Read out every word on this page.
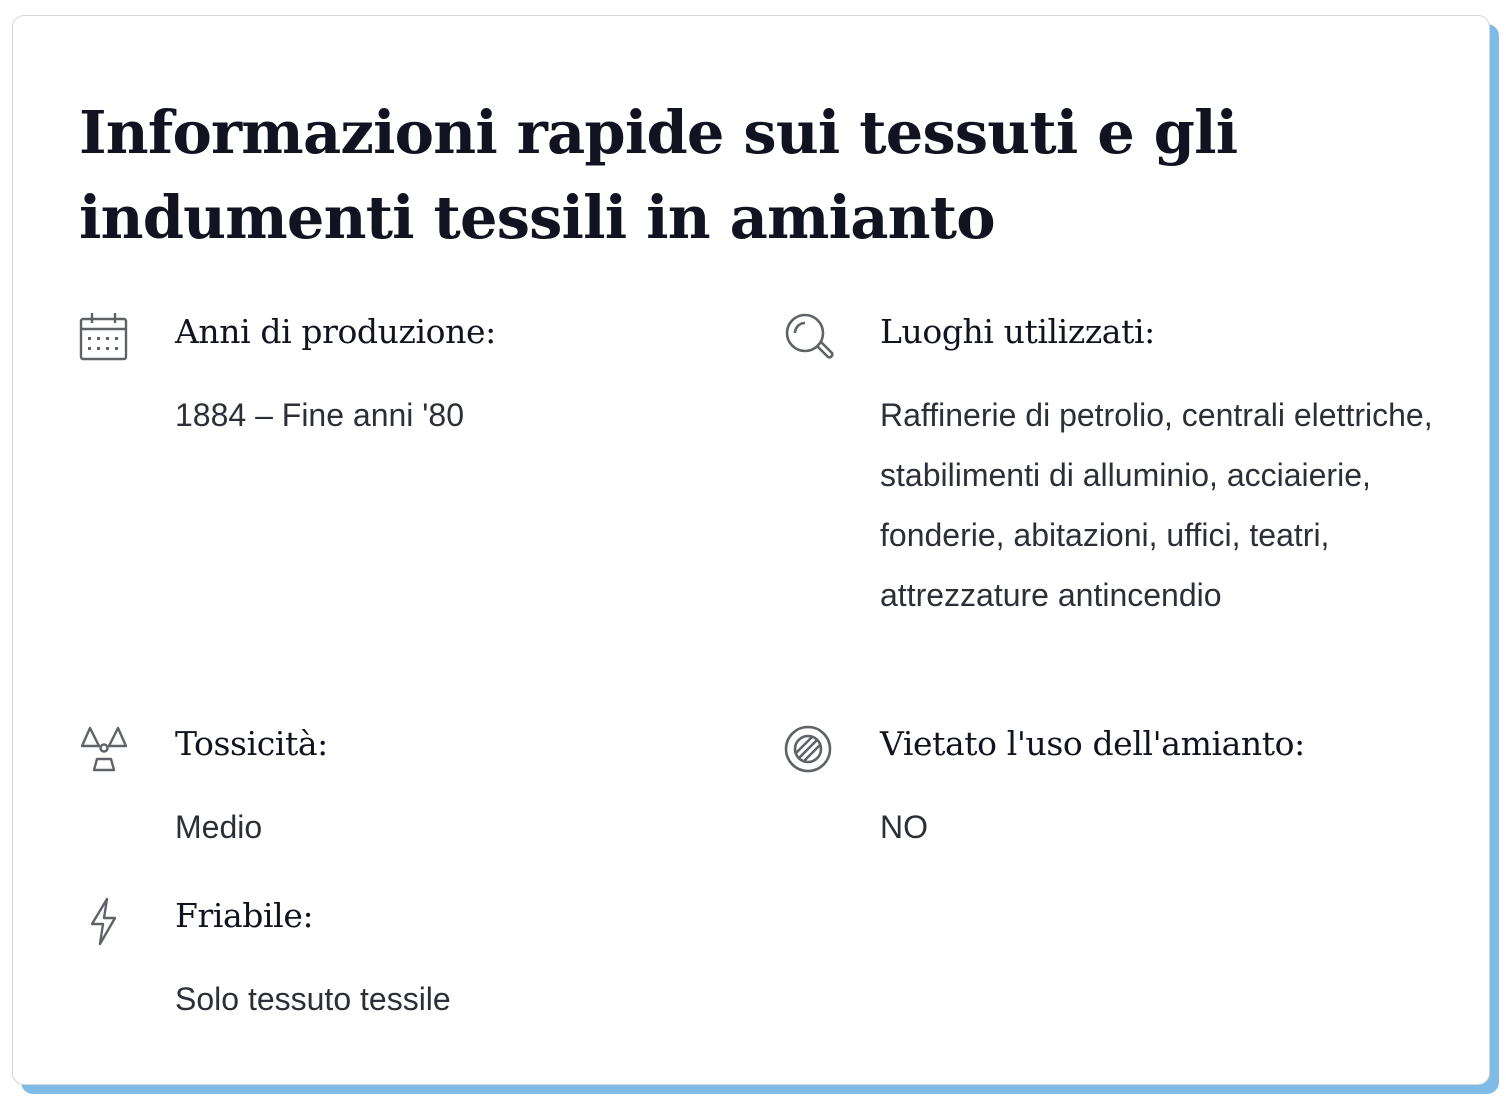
Informazioni rapide sui tessuti e gli indumenti tessili in amianto
Anni di produzione:
1884 – Fine anni '80
Luoghi utilizzati:
Raffinerie di petrolio, centrali elettriche, stabilimenti di alluminio, acciaierie, fonderie, abitazioni, uffici, teatri, attrezzature antincendio
Tossicità:
Medio
Vietato l'uso dell'amianto:
NO
Friabile:
Solo tessuto tessile
